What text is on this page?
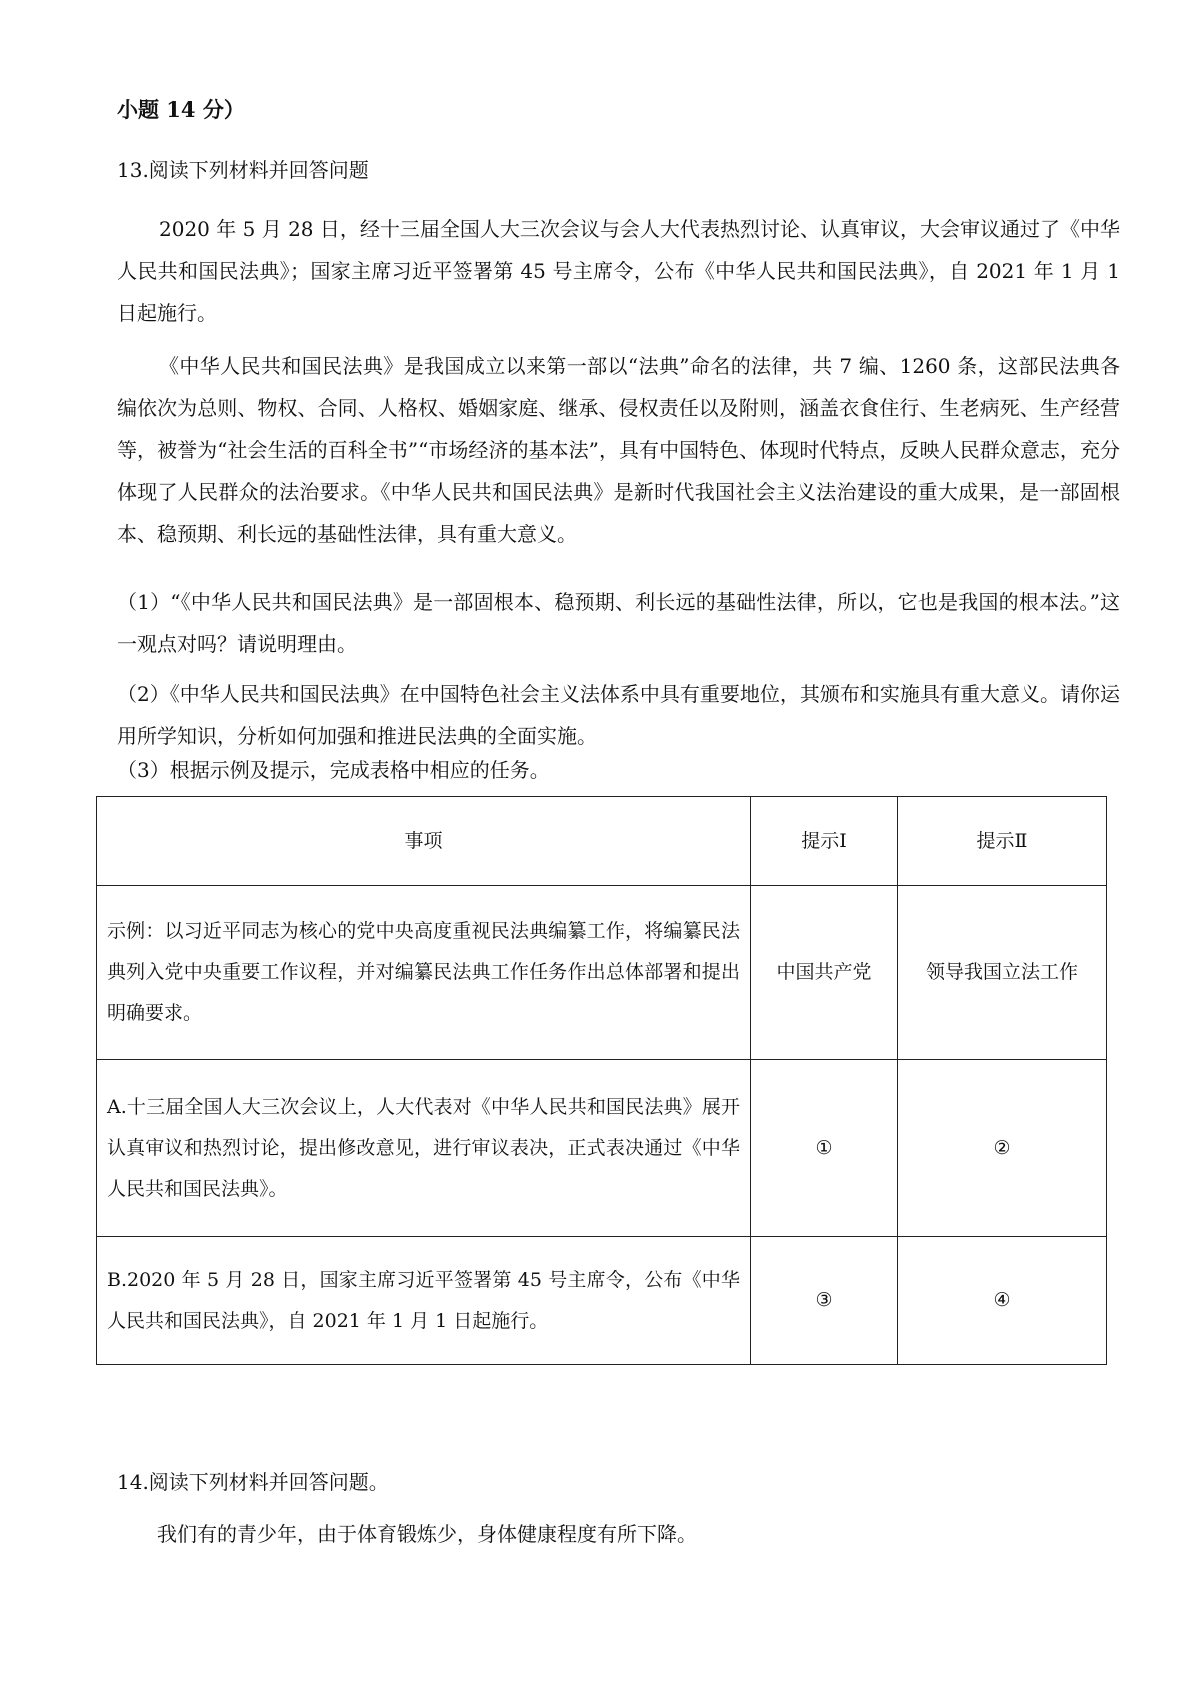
小题 14 分）
13.阅读下列材料并回答问题

2020 年 5 月 28 日，经十三届全国人大三次会议与会人大代表热烈讨论、认真审议，大会审议通过了《中华人民共和国民法典》；国家主席习近平签署第 45 号主席令，公布《中华人民共和国民法典》，自 2021 年 1 月 1 日起施行。

《中华人民共和国民法典》是我国成立以来第一部以“法典”命名的法律，共 7 编、1260 条，这部民法典各编依次为总则、物权、合同、人格权、婚姻家庭、继承、侵权责任以及附则，涵盖衣食住行、生老病死、生产经营等，被誉为“社会生活的百科全书”“市场经济的基本法”，具有中国特色、体现时代特点，反映人民群众意志，充分体现了人民群众的法治要求。《中华人民共和国民法典》是新时代我国社会主义法治建设的重大成果，是一部固根本、稳预期、利长远的基础性法律，具有重大意义。

（1）“《中华人民共和国民法典》是一部固根本、稳预期、利长远的基础性法律，所以，它也是我国的根本法。”这一观点对吗？请说明理由。

（2）《中华人民共和国民法典》在中国特色社会主义法体系中具有重要地位，其颁布和实施具有重大意义。请你运用所学知识，分析如何加强和推进民法典的全面实施。

（3）根据示例及提示，完成表格中相应的任务。

事项	提示Ⅰ	提示Ⅱ
示例：以习近平同志为核心的党中央高度重视民法典编纂工作，将编纂民法典列入党中央重要工作议程，并对编纂民法典工作任务作出总体部署和提出明确要求。	中国共产党	领导我国立法工作
A.十三届全国人大三次会议上，人大代表对《中华人民共和国民法典》展开认真审议和热烈讨论，提出修改意见，进行审议表决，正式表决通过《中华人民共和国民法典》。	①	②
B.2020 年 5 月 28 日，国家主席习近平签署第 45 号主席令，公布《中华人民共和国民法典》，自 2021 年 1 月 1 日起施行。	③	④
14.阅读下列材料并回答问题。
我们有的青少年，由于体育锻炼少，身体健康程度有所下降。
